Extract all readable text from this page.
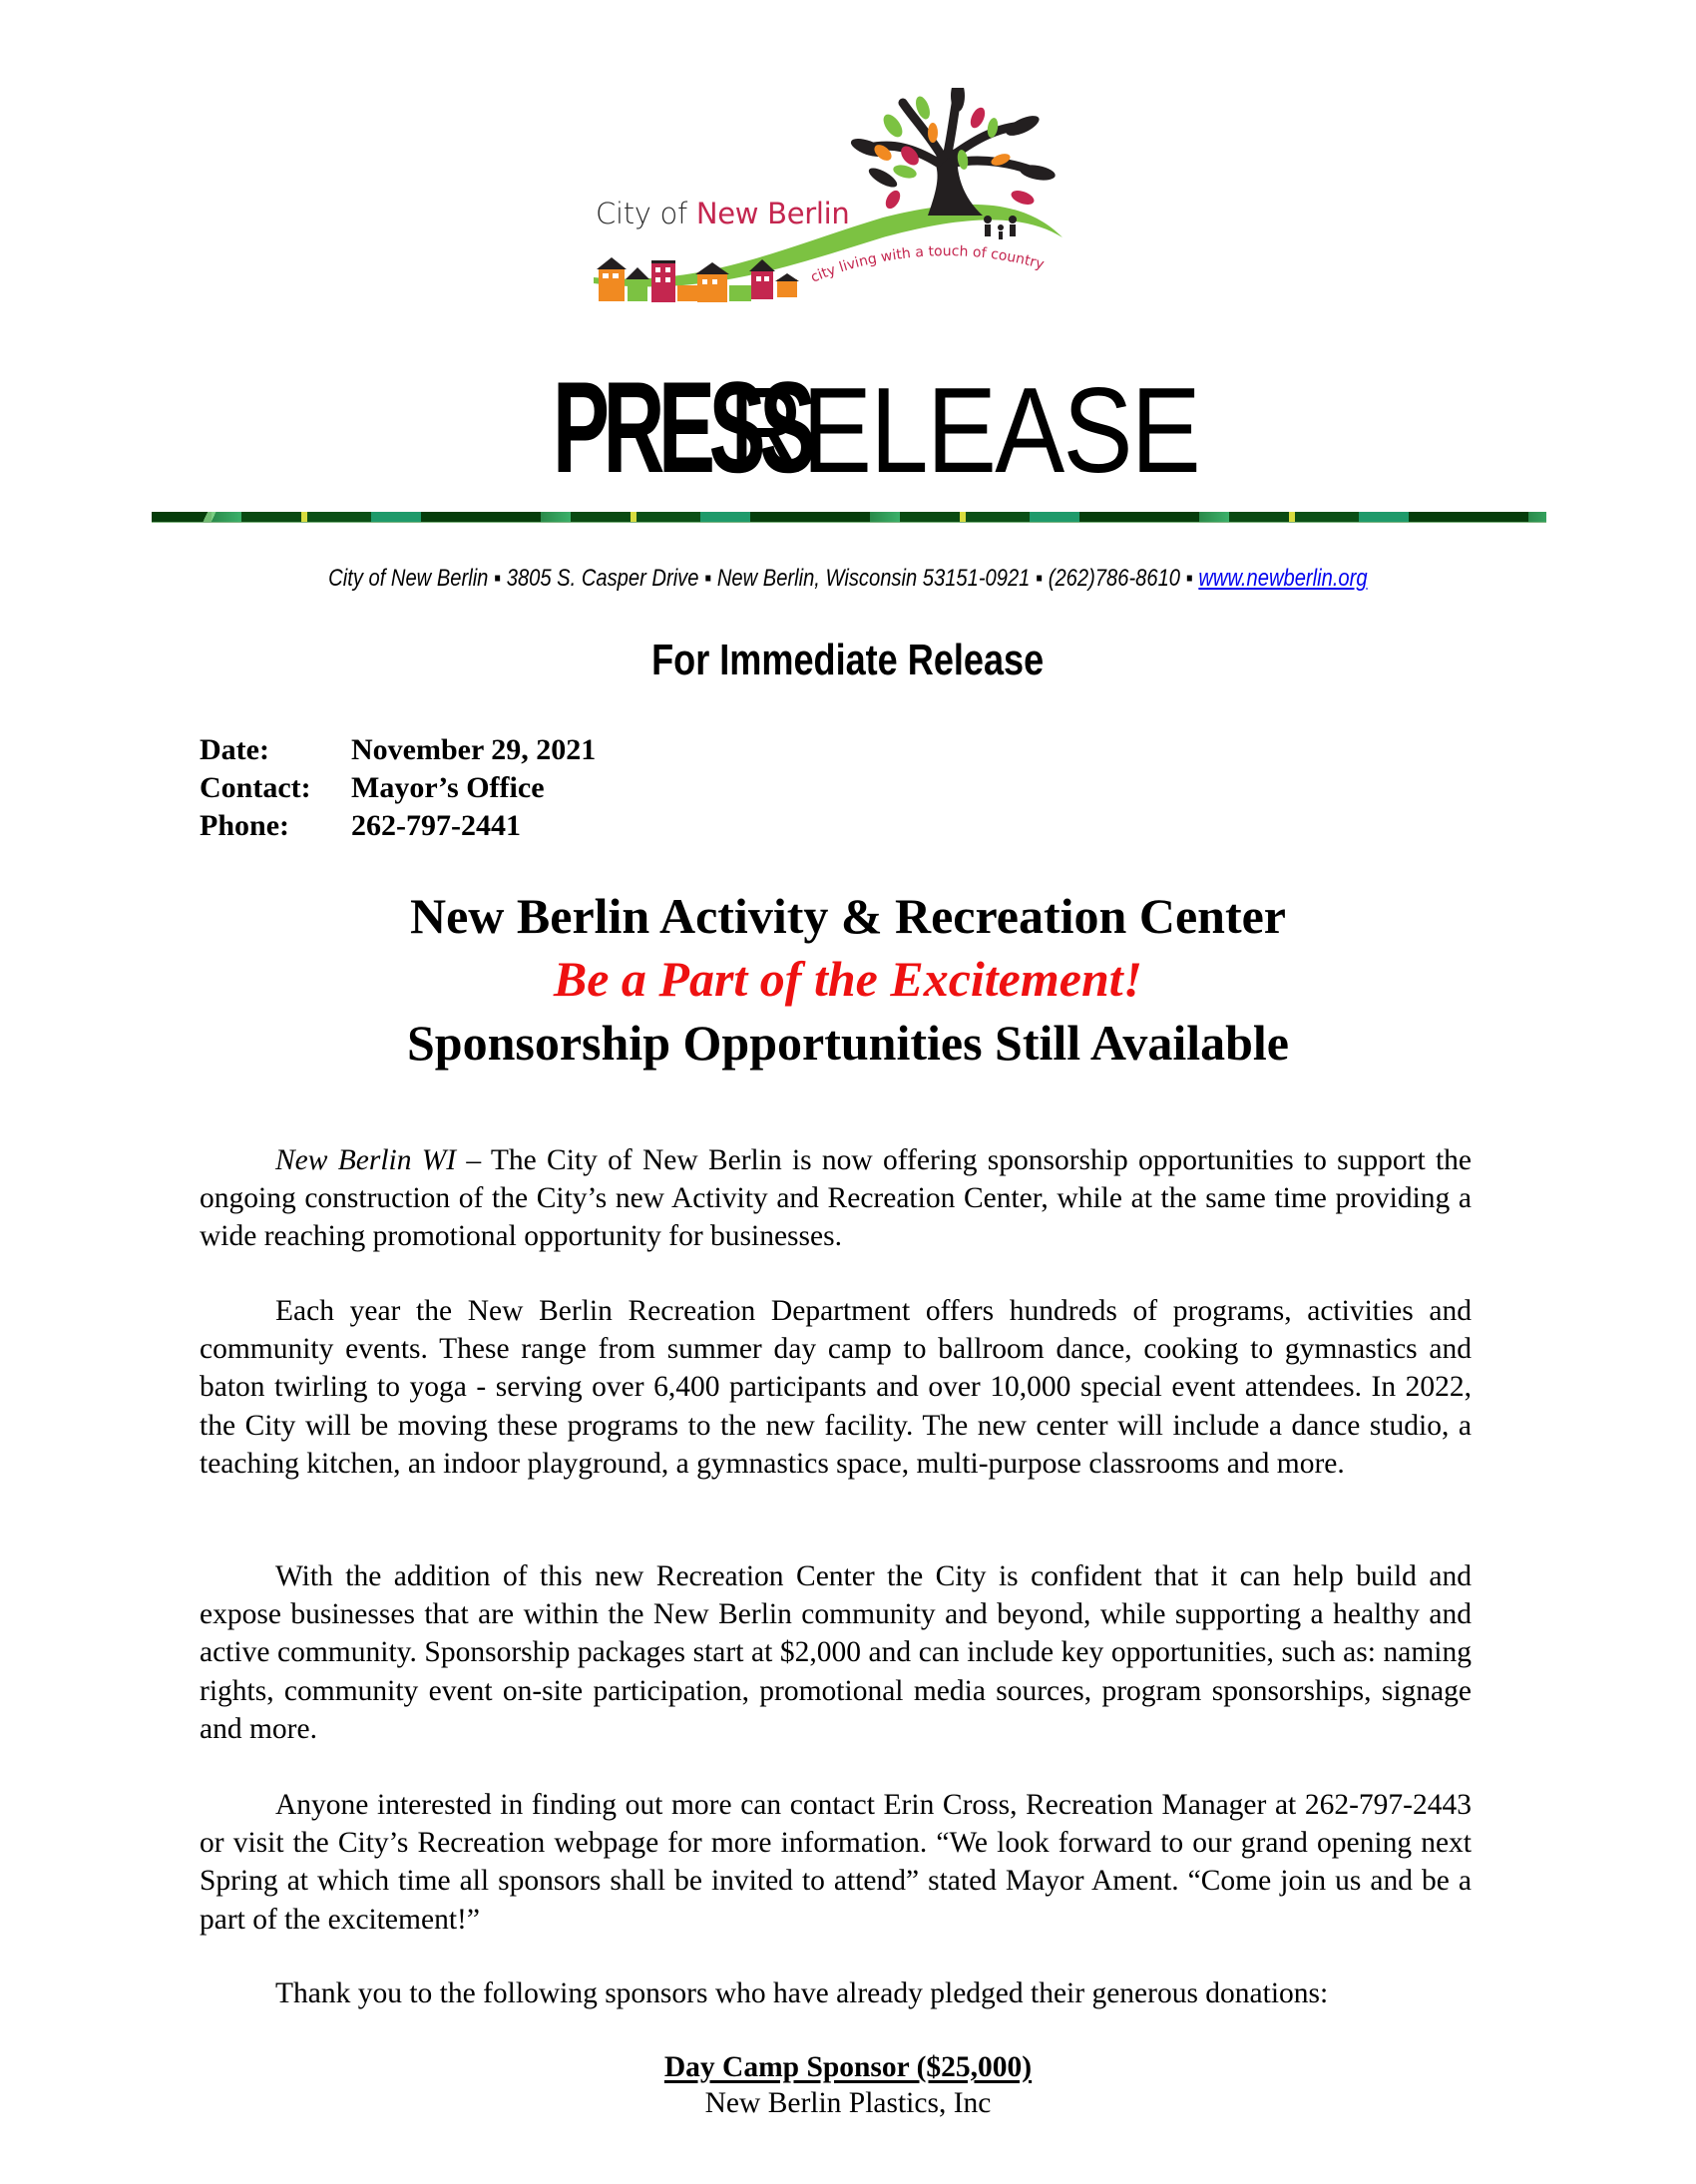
city living with a touch of country
City of New Berlin
PRESSRELEASE
City of New Berlin ▪ 3805 S. Casper Drive ▪ New Berlin, Wisconsin 53151-0921 ▪ (262)786-8610 ▪ www.newberlin.org
For Immediate Release
Date:	November 29, 2021
Contact:	Mayor’s Office
Phone:	262-797-2441
New Berlin Activity & Recreation Center
Be a Part of the Excitement!
Sponsorship Opportunities Still Available

New Berlin WI – The City of New Berlin is now offering sponsorship opportunities to support the ongoing construction of the City’s new Activity and Recreation Center, while at the same time providing a wide reaching promotional opportunity for businesses.

Each year the New Berlin Recreation Department offers hundreds of programs, activities and community events. These range from summer day camp to ballroom dance, cooking to gymnastics and baton twirling to yoga - serving over 6,400 participants and over 10,000 special event attendees. In 2022, the City will be moving these programs to the new facility. The new center will include a dance studio, a teaching kitchen, an indoor playground, a gymnastics space, multi-purpose classrooms and more.

With the addition of this new Recreation Center the City is confident that it can help build and expose businesses that are within the New Berlin community and beyond, while supporting a healthy and active community. Sponsorship packages start at $2,000 and can include key opportunities, such as: naming rights, community event on-site participation, promotional media sources, program sponsorships, signage and more.

Anyone interested in finding out more can contact Erin Cross, Recreation Manager at 262-797-2443 or visit the City’s Recreation webpage for more information. “We look forward to our grand opening next Spring at which time all sponsors shall be invited to attend” stated Mayor Ament. “Come join us and be a part of the excitement!”

Thank you to the following sponsors who have already pledged their generous donations:

Day Camp Sponsor ($25,000)
New Berlin Plastics, Inc
